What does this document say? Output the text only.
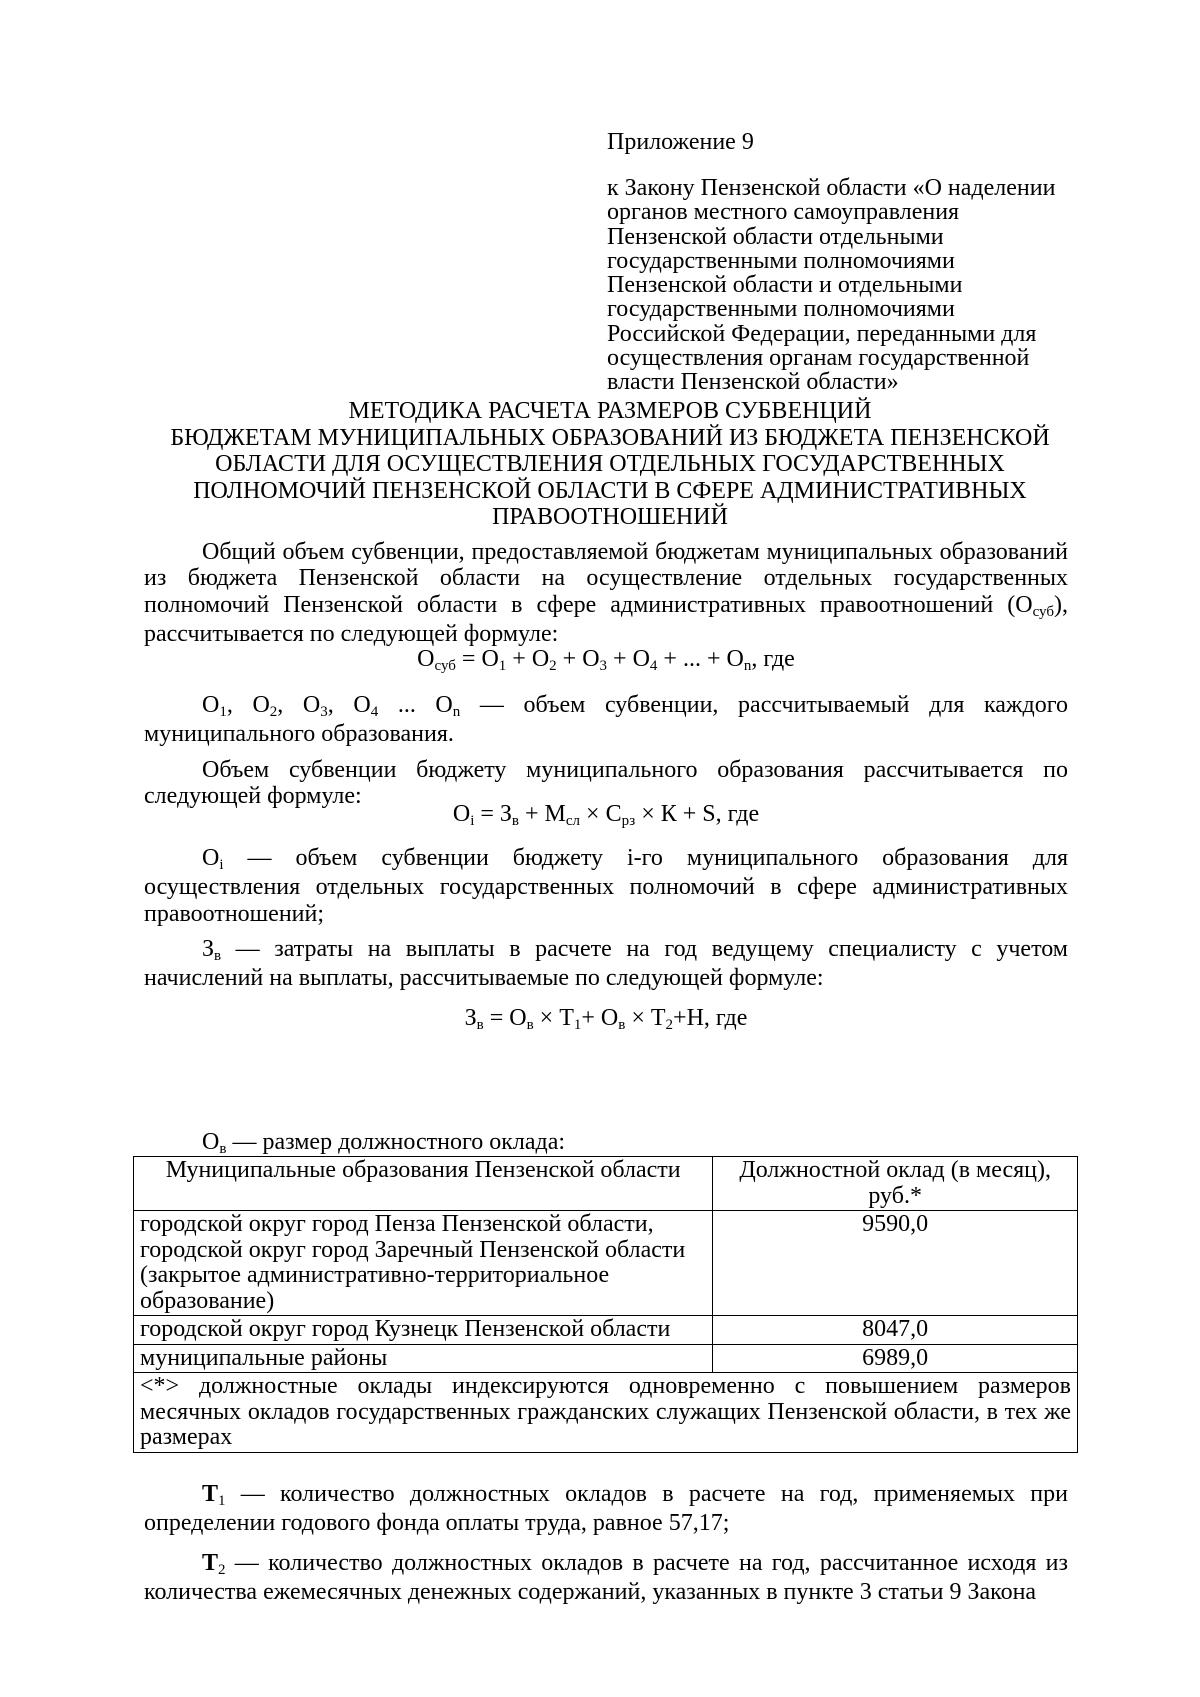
Приложение 9
к Закону Пензенской области «О наделении органов местного самоуправления Пензенской области отдельными государственными полномочиями Пензенской области и отдельными государственными полномочиями Российской Федерации, переданными для осуществления органам государственной власти Пензенской области»
МЕТОДИКА РАСЧЕТА РАЗМЕРОВ СУБВЕНЦИЙ
БЮДЖЕТАМ МУНИЦИПАЛЬНЫХ ОБРАЗОВАНИЙ ИЗ БЮДЖЕТА ПЕНЗЕНСКОЙ
ОБЛАСТИ ДЛЯ ОСУЩЕСТВЛЕНИЯ ОТДЕЛЬНЫХ ГОСУДАРСТВЕННЫХ
ПОЛНОМОЧИЙ ПЕНЗЕНСКОЙ ОБЛАСТИ В СФЕРЕ АДМИНИСТРАТИВНЫХ
ПРАВООТНОШЕНИЙ

Общий объем субвенции, предоставляемой бюджетам муниципальных образований из бюджета Пензенской области на осуществление отдельных государственных полномочий Пензенской области в сфере административных правоотношений $(О_{суб})$, рассчитывается по следующей формуле:

$О_{суб} = О_1 + О_2 + О_3 + О_4$ + ... + $О_n$, где

$О_1$, $О_2$, $О_3$, $О_4$ ... $О_n$ — объем субвенции, рассчитываемый для каждого муниципального образования.

Объем субвенции бюджету муниципального образования рассчитывается по следующей формуле:

$О_i = З_в + М_{сл} \times С_{рз} \times К + S$, где

$О_i$ — объем субвенции бюджету i-го муниципального образования для осуществления отдельных государственных полномочий в сфере административных правоотношений;

$З_в$ — затраты на выплаты в расчете на год ведущему специалисту с учетом начислений на выплаты, рассчитываемые по следующей формуле:

$З_в = О_в \times Т_1+ О_в \times Т_2+Н$, где
$О_в$ — размер должностного оклада:
Муниципальные образования Пензенской области	Должностной оклад (в месяц), руб.*
городской округ город Пенза Пензенской области, городской округ город Заречный Пензенской области (закрытое административно-территориальное образование)	9590,0
городской округ город Кузнецк Пензенской области	8047,0
муниципальные районы	6989,0
<*> должностные оклады индексируются одновременно с повышением размеров месячных окладов государственных гражданских служащих Пензенской области, в тех же размерах	

$Т_1$ — количество должностных окладов в расчете на год, применяемых при определении годового фонда оплаты труда, равное 57,17;

$Т_2$ — количество должностных окладов в расчете на год, рассчитанное исходя из количества ежемесячных денежных содержаний, указанных в пункте 3 статьи 9 Закона
